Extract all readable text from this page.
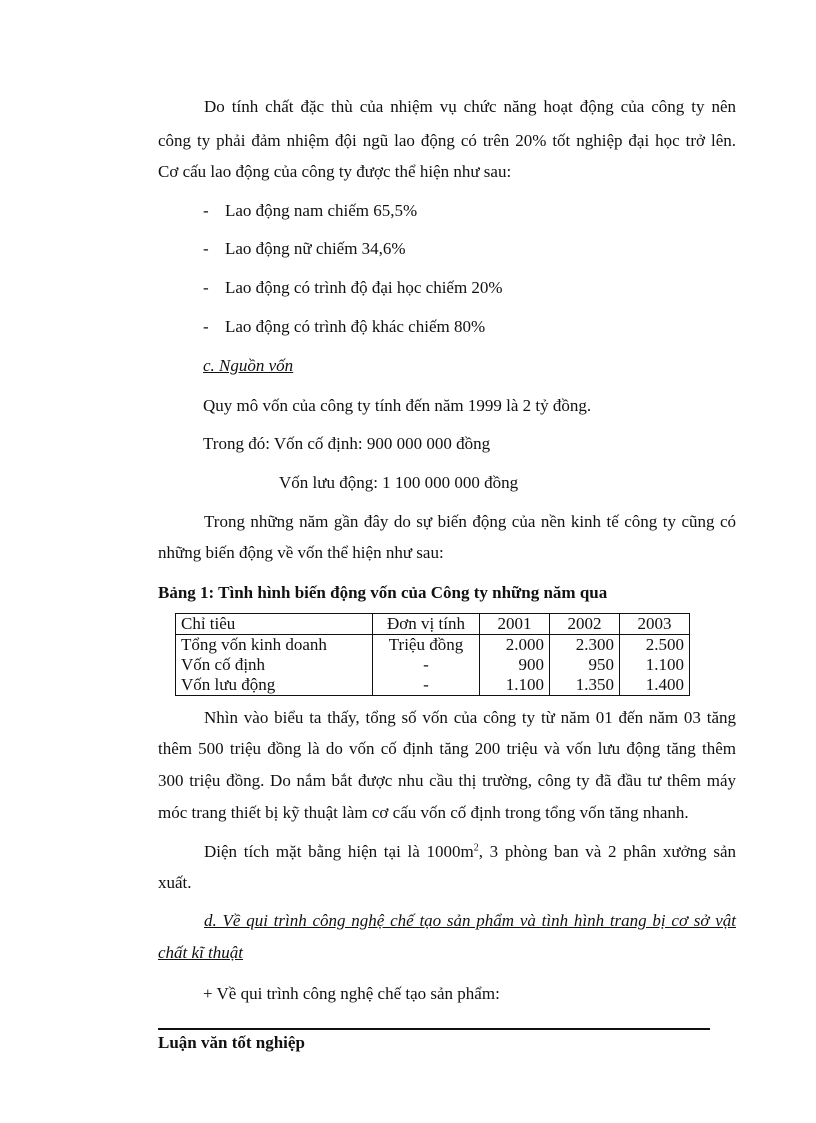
Do tính chất đặc thù của nhiệm vụ chức năng hoạt động của công ty nên
công ty phải đảm nhiệm đội ngũ lao động có trên 20% tốt nghiệp đại học trở lên.
Cơ cấu lao động của công ty được thể hiện như sau:
- Lao động nam chiếm 65,5%
- Lao động nữ chiếm 34,6%
- Lao động có trình độ đại học chiếm 20%
- Lao động có trình độ khác chiếm 80%
c. Nguồn vốn
Quy mô vốn của công ty tính đến năm 1999 là 2 tỷ đồng.
Trong đó: Vốn cố định: 900 000 000 đồng
Vốn lưu động: 1 100 000 000 đồng
Trong những năm gần đây do sự biến động của nền kinh tế công ty cũng có
những biến động về vốn thể hiện như sau:
Bảng 1: Tình hình biến động vốn của Công ty những năm qua
Chỉ tiêu	Đơn vị tính	2001	2002	2003
Tổng vốn kinh doanh	Triệu đồng	2.000	2.300	2.500
Vốn cố định	-	900	950	1.100
Vốn lưu động	-	1.100	1.350	1.400
Nhìn vào biểu ta thấy, tổng số vốn của công ty từ năm 01 đến năm 03 tăng
thêm 500 triệu đồng là do vốn cố định tăng 200 triệu và vốn lưu động tăng thêm
300 triệu đồng. Do nắm bắt được nhu cầu thị trường, công ty đã đầu tư thêm máy
móc trang thiết bị kỹ thuật làm cơ cấu vốn cố định trong tổng vốn tăng nhanh.
Diện tích mặt bằng hiện tại là $1000m^2$, 3 phòng ban và 2 phân xưởng sản
xuất.
d. Về qui trình công nghệ chế tạo sản phẩm và tình hình trang bị cơ sở vật
chất kĩ thuật
+ Về qui trình công nghệ chế tạo sản phẩm:
Luận văn tốt nghiệp
